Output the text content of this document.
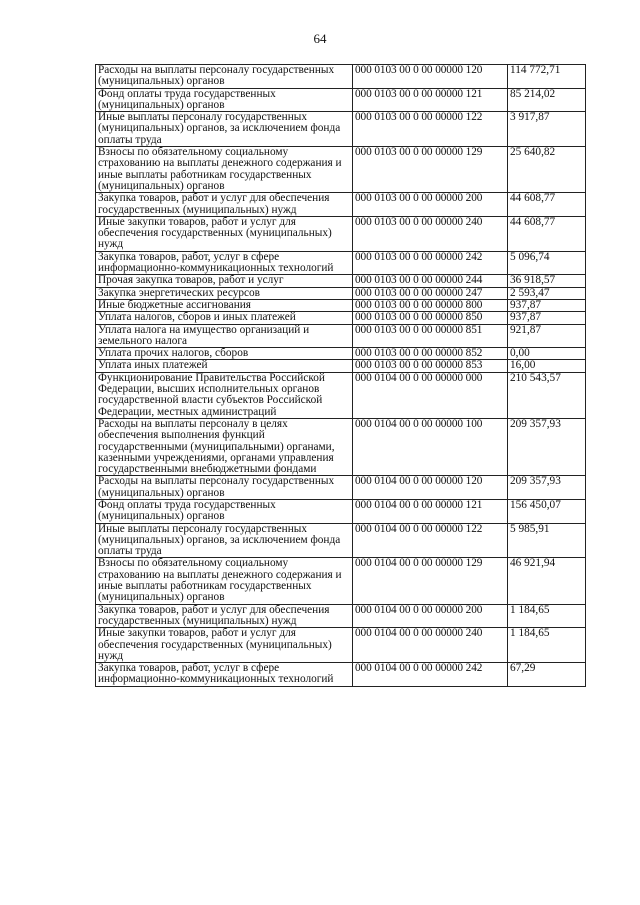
64
Расходы на выплаты персоналу государственных (муниципальных) органов	000 0103 00 0 00 00000 120	114 772,71
Фонд оплаты труда государственных (муниципальных) органов	000 0103 00 0 00 00000 121	85 214,02
Иные выплаты персоналу государственных (муниципальных) органов, за исключением фонда оплаты труда	000 0103 00 0 00 00000 122	3 917,87
Взносы по обязательному социальному страхованию на выплаты денежного содержания и иные выплаты работникам государственных (муниципальных) органов	000 0103 00 0 00 00000 129	25 640,82
Закупка товаров, работ и услуг для обеспечения государственных (муниципальных) нужд	000 0103 00 0 00 00000 200	44 608,77
Иные закупки товаров, работ и услуг для обеспечения государственных (муниципальных) нужд	000 0103 00 0 00 00000 240	44 608,77
Закупка товаров, работ, услуг в сфере информационно-коммуникационных технологий	000 0103 00 0 00 00000 242	5 096,74
Прочая закупка товаров, работ и услуг	000 0103 00 0 00 00000 244	36 918,57
Закупка энергетических ресурсов	000 0103 00 0 00 00000 247	2 593,47
Иные бюджетные ассигнования	000 0103 00 0 00 00000 800	937,87
Уплата налогов, сборов и иных платежей	000 0103 00 0 00 00000 850	937,87
Уплата налога на имущество организаций и земельного налога	000 0103 00 0 00 00000 851	921,87
Уплата прочих налогов, сборов	000 0103 00 0 00 00000 852	0,00
Уплата иных платежей	000 0103 00 0 00 00000 853	16,00
Функционирование Правительства Российской Федерации, высших исполнительных органов государственной власти субъектов Российской Федерации, местных администраций	000 0104 00 0 00 00000 000	210 543,57
Расходы на выплаты персоналу в целях обеспечения выполнения функций государственными (муниципальными) органами, казенными учреждениями, органами управления государственными внебюджетными фондами	000 0104 00 0 00 00000 100	209 357,93
Расходы на выплаты персоналу государственных (муниципальных) органов	000 0104 00 0 00 00000 120	209 357,93
Фонд оплаты труда государственных (муниципальных) органов	000 0104 00 0 00 00000 121	156 450,07
Иные выплаты персоналу государственных (муниципальных) органов, за исключением фонда оплаты труда	000 0104 00 0 00 00000 122	5 985,91
Взносы по обязательному социальному страхованию на выплаты денежного содержания и иные выплаты работникам государственных (муниципальных) органов	000 0104 00 0 00 00000 129	46 921,94
Закупка товаров, работ и услуг для обеспечения государственных (муниципальных) нужд	000 0104 00 0 00 00000 200	1 184,65
Иные закупки товаров, работ и услуг для обеспечения государственных (муниципальных) нужд	000 0104 00 0 00 00000 240	1 184,65
Закупка товаров, работ, услуг в сфере информационно-коммуникационных технологий	000 0104 00 0 00 00000 242	67,29
